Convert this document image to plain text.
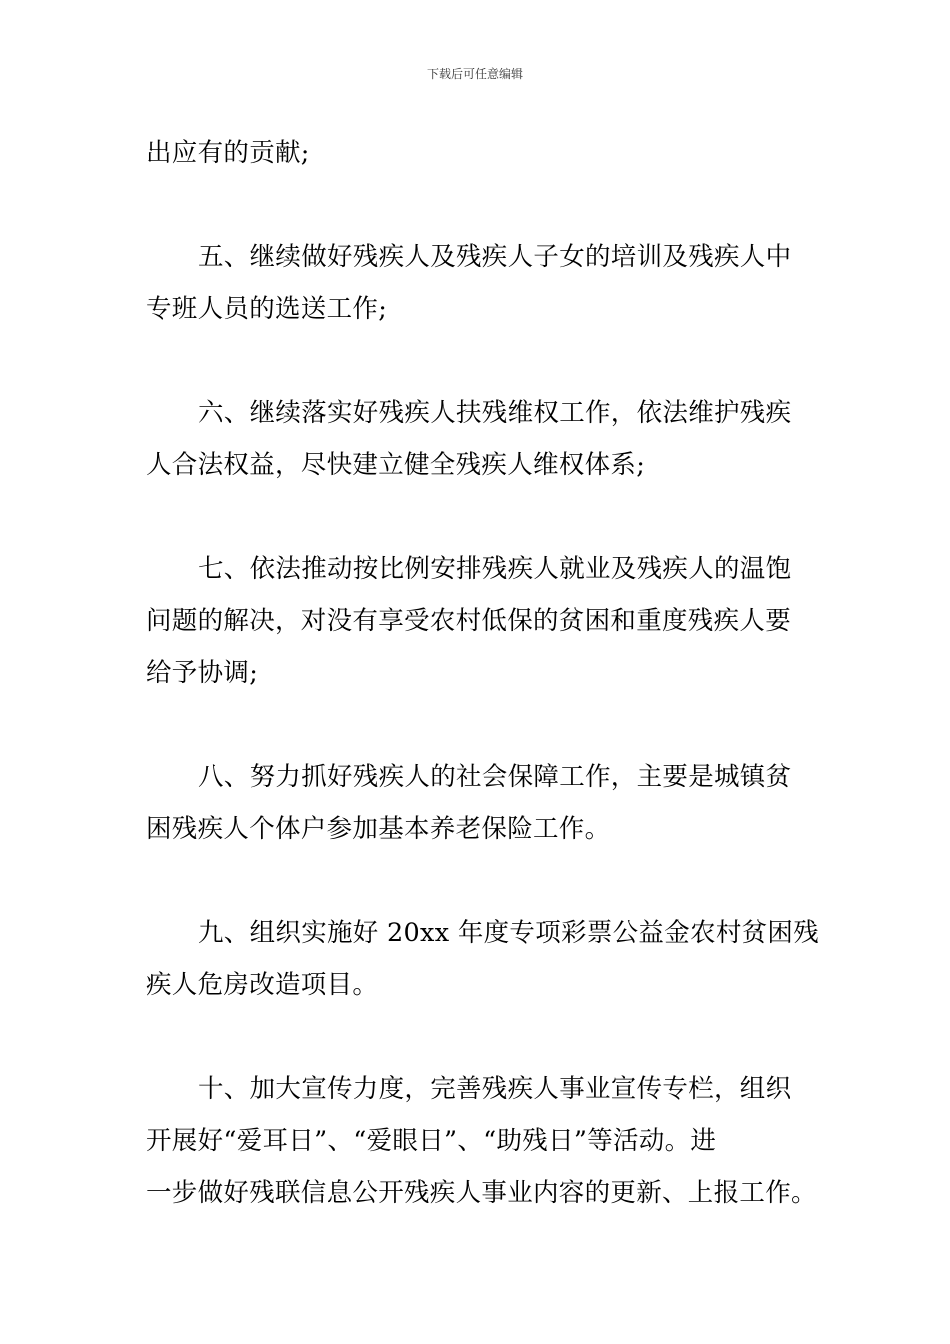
下载后可任意编辑
出应有的贡献;
五、继续做好残疾人及残疾人子女的培训及残疾人中
专班人员的选送工作;
六、继续落实好残疾人扶残维权工作，依法维护残疾
人合法权益，尽快建立健全残疾人维权体系;
七、依法推动按比例安排残疾人就业及残疾人的温饱
问题的解决，对没有享受农村低保的贫困和重度残疾人要
给予协调;
八、努力抓好残疾人的社会保障工作，主要是城镇贫
困残疾人个体户参加基本养老保险工作。
九、组织实施好 20xx 年度专项彩票公益金农村贫困残
疾人危房改造项目。
十、加大宣传力度，完善残疾人事业宣传专栏，组织
开展好“爱耳日”、“爱眼日”、“助残日”等活动。进
一步做好残联信息公开残疾人事业内容的更新、上报工作。
